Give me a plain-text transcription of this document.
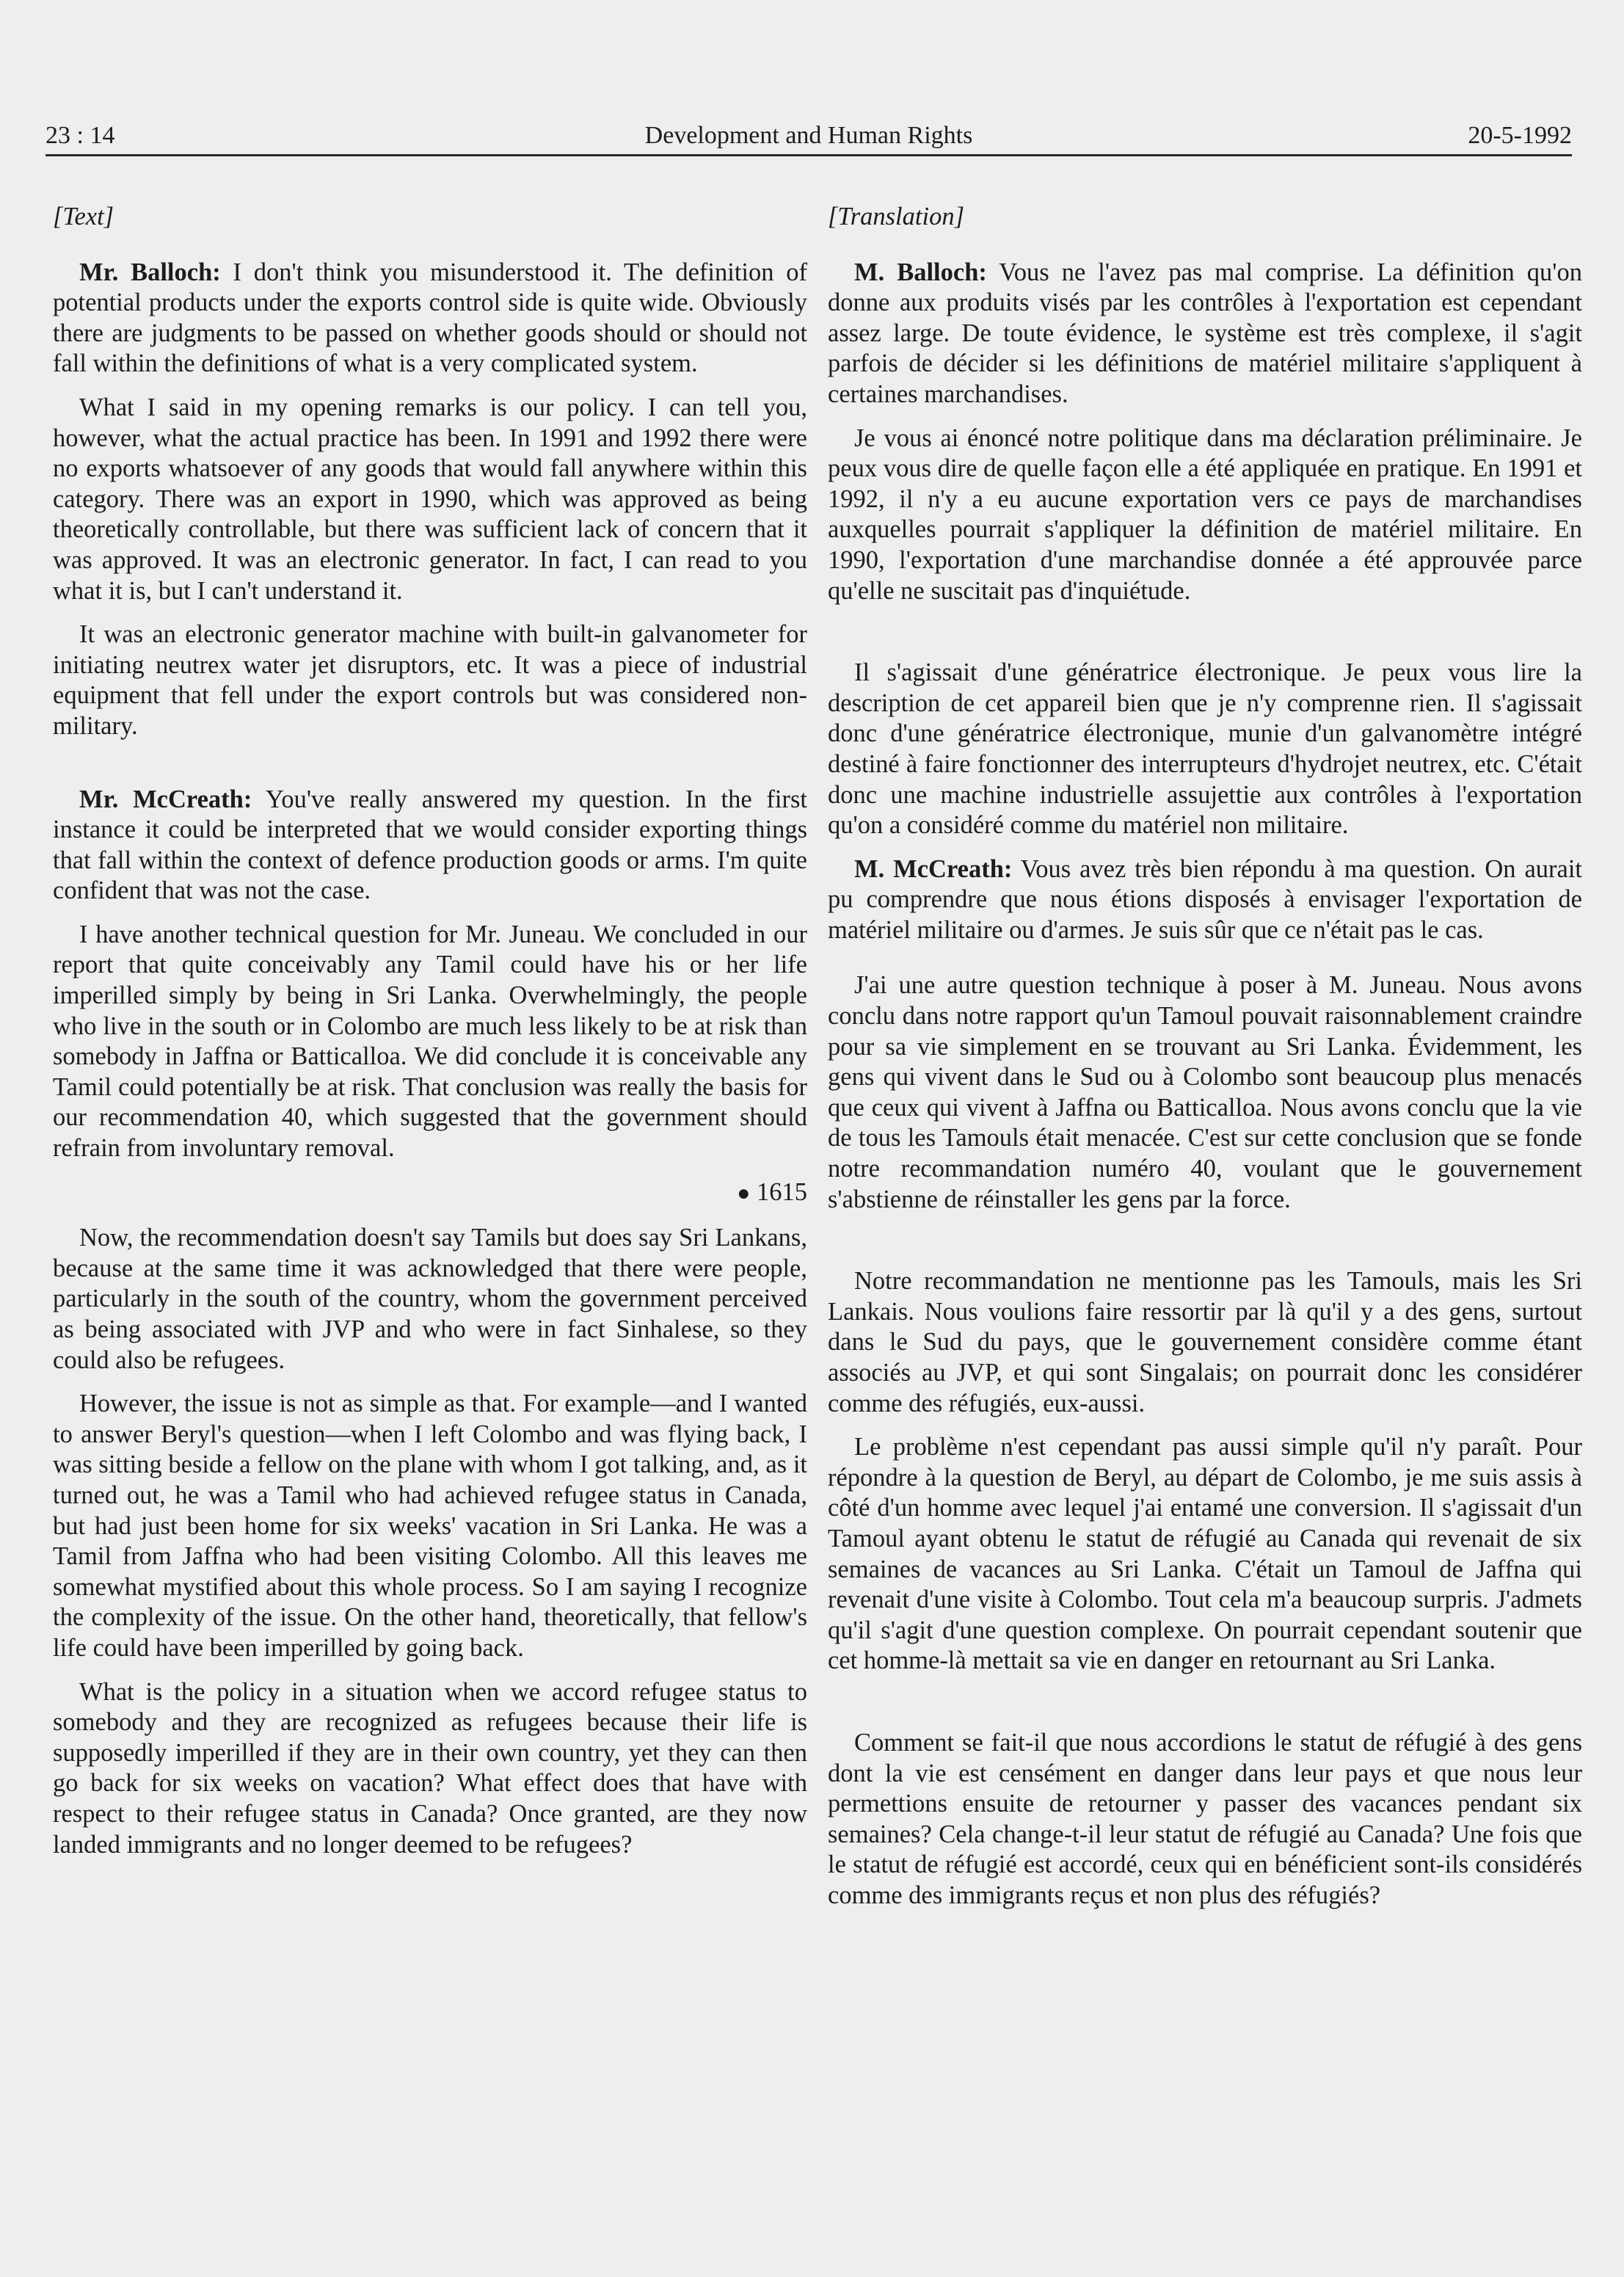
23 : 14	Development and Human Rights	20-5-1992
[Text]

Mr. Balloch: I don't think you misunderstood it. The definition of potential products under the exports control side is quite wide. Obviously there are judgments to be passed on whether goods should or should not fall within the definitions of what is a very complicated system.

What I said in my opening remarks is our policy. I can tell you, however, what the actual practice has been. In 1991 and 1992 there were no exports whatsoever of any goods that would fall anywhere within this category. There was an export in 1990, which was approved as being theoretically controllable, but there was sufficient lack of concern that it was approved. It was an electronic generator. In fact, I can read to you what it is, but I can't understand it.

It was an electronic generator machine with built-in galvanometer for initiating neutrex water jet disruptors, etc. It was a piece of industrial equipment that fell under the export controls but was considered non-military.

Mr. McCreath: You've really answered my question. In the first instance it could be interpreted that we would consider exporting things that fall within the context of defence production goods or arms. I'm quite confident that was not the case.

I have another technical question for Mr. Juneau. We concluded in our report that quite conceivably any Tamil could have his or her life imperilled simply by being in Sri Lanka. Overwhelmingly, the people who live in the south or in Colombo are much less likely to be at risk than somebody in Jaffna or Batticalloa. We did conclude it is conceivable any Tamil could potentially be at risk. That conclusion was really the basis for our recommendation 40, which suggested that the government should refrain from involuntary removal.

● 1615

Now, the recommendation doesn't say Tamils but does say Sri Lankans, because at the same time it was acknowledged that there were people, particularly in the south of the country, whom the government perceived as being associated with JVP and who were in fact Sinhalese, so they could also be refugees.

However, the issue is not as simple as that. For example—and I wanted to answer Beryl's question—when I left Colombo and was flying back, I was sitting beside a fellow on the plane with whom I got talking, and, as it turned out, he was a Tamil who had achieved refugee status in Canada, but had just been home for six weeks' vacation in Sri Lanka. He was a Tamil from Jaffna who had been visiting Colombo. All this leaves me somewhat mystified about this whole process. So I am saying I recognize the complexity of the issue. On the other hand, theoretically, that fellow's life could have been imperilled by going back.

What is the policy in a situation when we accord refugee status to somebody and they are recognized as refugees because their life is supposedly imperilled if they are in their own country, yet they can then go back for six weeks on vacation? What effect does that have with respect to their refugee status in Canada? Once granted, are they now landed immigrants and no longer deemed to be refugees?

[Translation]

M. Balloch: Vous ne l'avez pas mal comprise. La définition qu'on donne aux produits visés par les contrôles à l'exportation est cependant assez large. De toute évidence, le système est très complexe, il s'agit parfois de décider si les définitions de matériel militaire s'appliquent à certaines marchandises.

Je vous ai énoncé notre politique dans ma déclaration préliminaire. Je peux vous dire de quelle façon elle a été appliquée en pratique. En 1991 et 1992, il n'y a eu aucune exportation vers ce pays de marchandises auxquelles pourrait s'appliquer la définition de matériel militaire. En 1990, l'exportation d'une marchandise donnée a été approuvée parce qu'elle ne suscitait pas d'inquiétude.

Il s'agissait d'une génératrice électronique. Je peux vous lire la description de cet appareil bien que je n'y comprenne rien. Il s'agissait donc d'une génératrice électronique, munie d'un galvanomètre intégré destiné à faire fonctionner des interrupteurs d'hydrojet neutrex, etc. C'était donc une machine industrielle assujettie aux contrôles à l'exportation qu'on a considéré comme du matériel non militaire.

M. McCreath: Vous avez très bien répondu à ma question. On aurait pu comprendre que nous étions disposés à envisager l'exportation de matériel militaire ou d'armes. Je suis sûr que ce n'était pas le cas.

J'ai une autre question technique à poser à M. Juneau. Nous avons conclu dans notre rapport qu'un Tamoul pouvait raisonnablement craindre pour sa vie simplement en se trouvant au Sri Lanka. Évidemment, les gens qui vivent dans le Sud ou à Colombo sont beaucoup plus menacés que ceux qui vivent à Jaffna ou Batticalloa. Nous avons conclu que la vie de tous les Tamouls était menacée. C'est sur cette conclusion que se fonde notre recommandation numéro 40, voulant que le gouvernement s'abstienne de réinstaller les gens par la force.

Notre recommandation ne mentionne pas les Tamouls, mais les Sri Lankais. Nous voulions faire ressortir par là qu'il y a des gens, surtout dans le Sud du pays, que le gouvernement considère comme étant associés au JVP, et qui sont Singalais; on pourrait donc les considérer comme des réfugiés, eux-aussi.

Le problème n'est cependant pas aussi simple qu'il n'y paraît. Pour répondre à la question de Beryl, au départ de Colombo, je me suis assis à côté d'un homme avec lequel j'ai entamé une conversion. Il s'agissait d'un Tamoul ayant obtenu le statut de réfugié au Canada qui revenait de six semaines de vacances au Sri Lanka. C'était un Tamoul de Jaffna qui revenait d'une visite à Colombo. Tout cela m'a beaucoup surpris. J'admets qu'il s'agit d'une question complexe. On pourrait cependant soutenir que cet homme-là mettait sa vie en danger en retournant au Sri Lanka.

Comment se fait-il que nous accordions le statut de réfugié à des gens dont la vie est censément en danger dans leur pays et que nous leur permettions ensuite de retourner y passer des vacances pendant six semaines? Cela change-t-il leur statut de réfugié au Canada? Une fois que le statut de réfugié est accordé, ceux qui en bénéficient sont-ils considérés comme des immigrants reçus et non plus des réfugiés?
